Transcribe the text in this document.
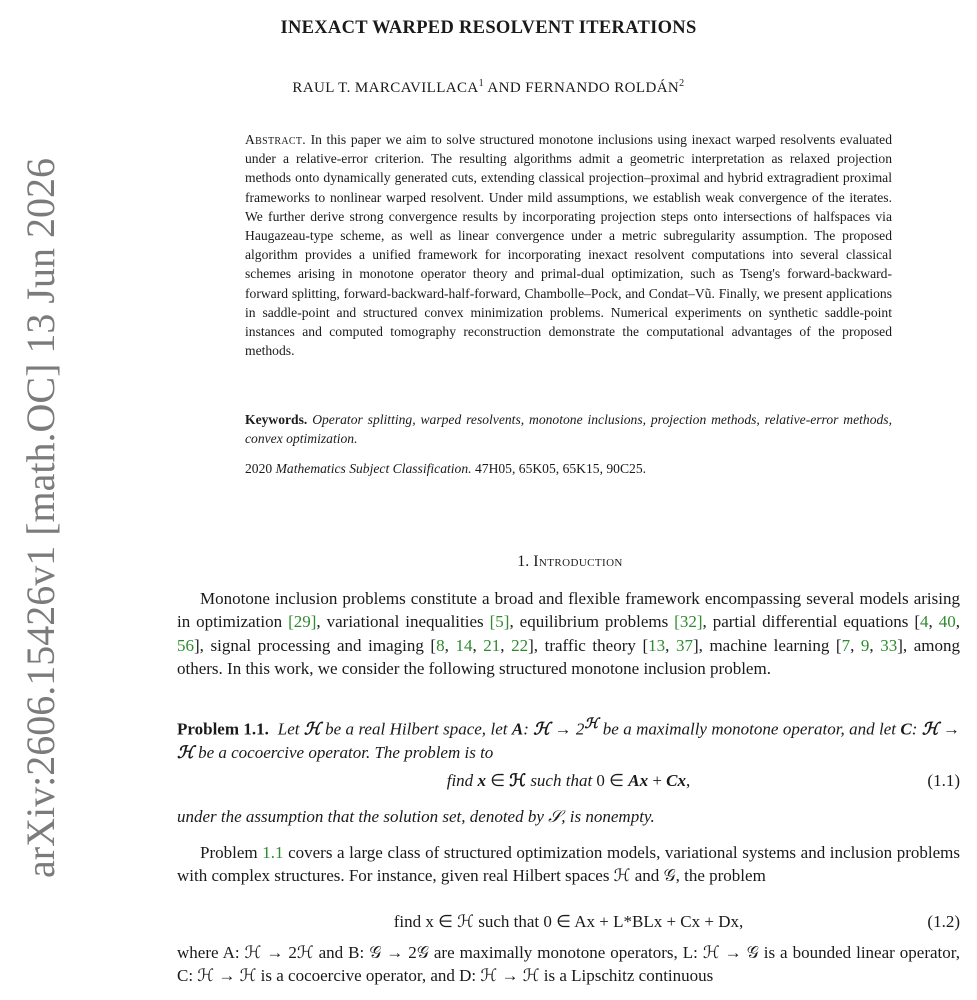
arXiv:2606.15426v1 [math.OC] 13 Jun 2026
INEXACT WARPED RESOLVENT ITERATIONS
RAUL T. MARCAVILLACA$^1$ AND FERNANDO ROLDÁN$^2$
Abstract. In this paper we aim to solve structured monotone inclusions using inexact warped resolvents evaluated under a relative-error criterion. The resulting algorithms admit a geometric interpretation as relaxed projection methods onto dynamically generated cuts, extending classical projection–proximal and hybrid extragradient proximal frameworks to nonlinear warped resolvent. Under mild assumptions, we establish weak convergence of the iterates. We further derive strong convergence results by incorporating projection steps onto intersections of halfspaces via Haugazeau-type scheme, as well as linear convergence under a metric subregularity assumption. The proposed algorithm provides a unified framework for incorporating inexact resolvent computations into several classical schemes arising in monotone operator theory and primal-dual optimization, such as Tseng's forward-backward-forward splitting, forward-backward-half-forward, Chambolle–Pock, and Condat–Vũ. Finally, we present applications in saddle-point and structured convex minimization problems. Numerical experiments on synthetic saddle-point instances and computed tomography reconstruction demonstrate the computational advantages of the proposed methods.
Keywords. Operator splitting, warped resolvents, monotone inclusions, projection methods, relative-error methods, convex optimization.
2020 Mathematics Subject Classification. 47H05, 65K05, 65K15, 90C25.
1. Introduction
Monotone inclusion problems constitute a broad and flexible framework encompassing several models arising in optimization [29], variational inequalities [5], equilibrium problems [32], partial differential equations [4, 40, 56], signal processing and imaging [8, 14, 21, 22], traffic theory [13, 37], machine learning [7, 9, 33], among others. In this work, we consider the following structured monotone inclusion problem.
Problem 1.1. Let ℋ be a real Hilbert space, let A: ℋ → $2^ℋ$ be a maximally monotone operator, and let C: ℋ → ℋ be a cocoercive operator. The problem is to
find x ∈ ℋ such that 0 ∈ Ax + Cx,	(1.1)
under the assumption that the solution set, denoted by 𝒮, is nonempty.
Problem 1.1 covers a large class of structured optimization models, variational systems and inclusion problems with complex structures. For instance, given real Hilbert spaces ℋ and 𝒢, the problem
find x ∈ ℋ such that 0 ∈ Ax + L*BLx + Cx + Dx,	(1.2)
where A: ℋ → 2ℋ and B: 𝒢 → 2𝒢 are maximally monotone operators, L: ℋ → 𝒢 is a bounded linear operator, C: ℋ → ℋ is a cocoercive operator, and D: ℋ → ℋ is a Lipschitz continuous
